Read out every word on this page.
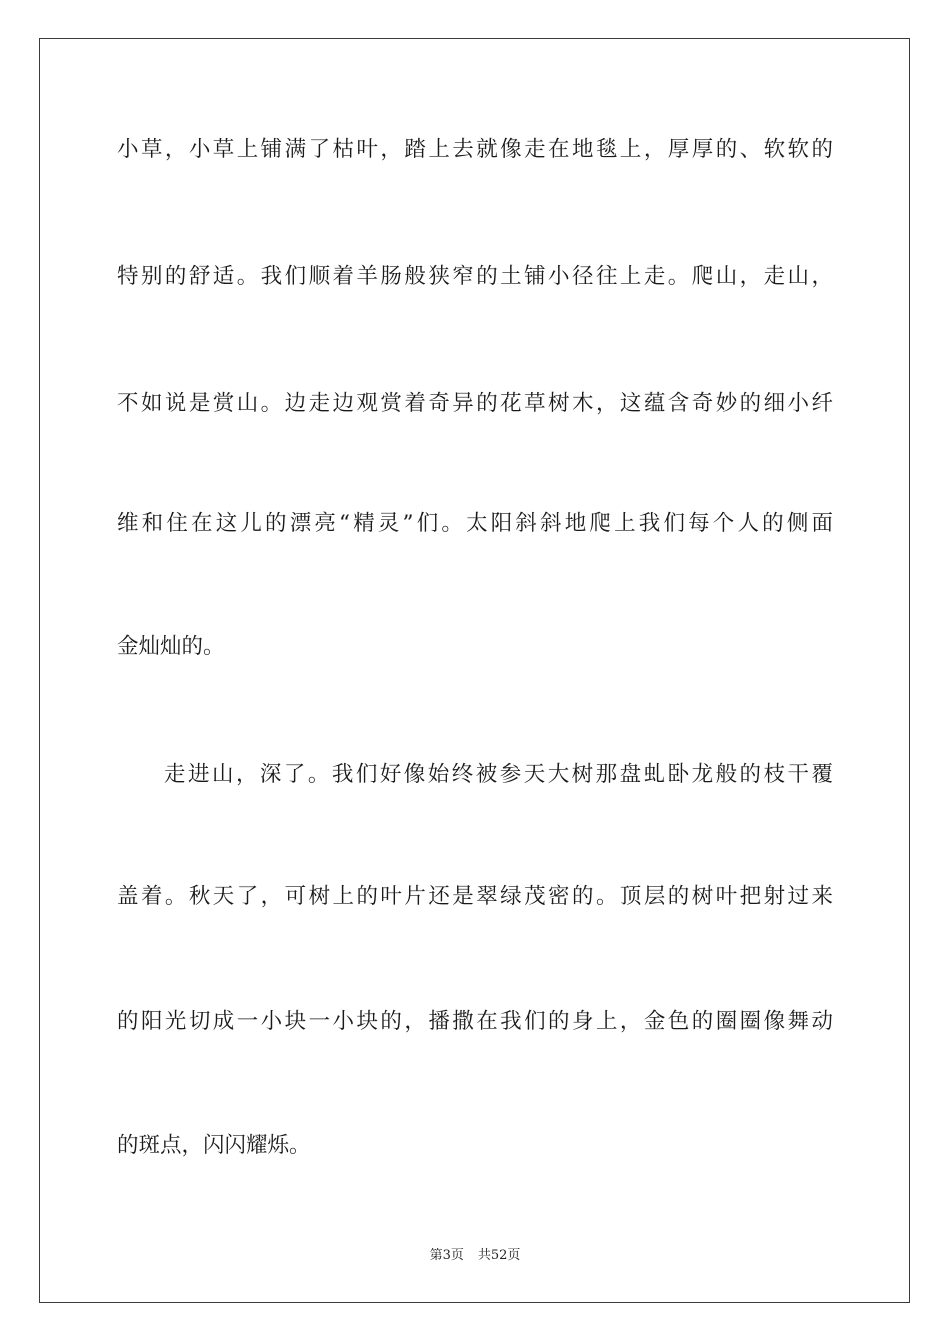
小草，小草上铺满了枯叶，踏上去就像走在地毯上，厚厚的、软软的
特别的舒适。我们顺着羊肠般狭窄的土铺小径往上走。爬山，走山，
不如说是赏山。边走边观赏着奇异的花草树木，这蕴含奇妙的细小纤
维和住在这儿的漂亮“精灵”们。太阳斜斜地爬上我们每个人的侧面
金灿灿的。
走进山，深了。我们好像始终被参天大树那盘虬卧龙般的枝干覆
盖着。秋天了，可树上的叶片还是翠绿茂密的。顶层的树叶把射过来
的阳光切成一小块一小块的，播撒在我们的身上，金色的圈圈像舞动
的斑点，闪闪耀烁。
第3页 共52页
